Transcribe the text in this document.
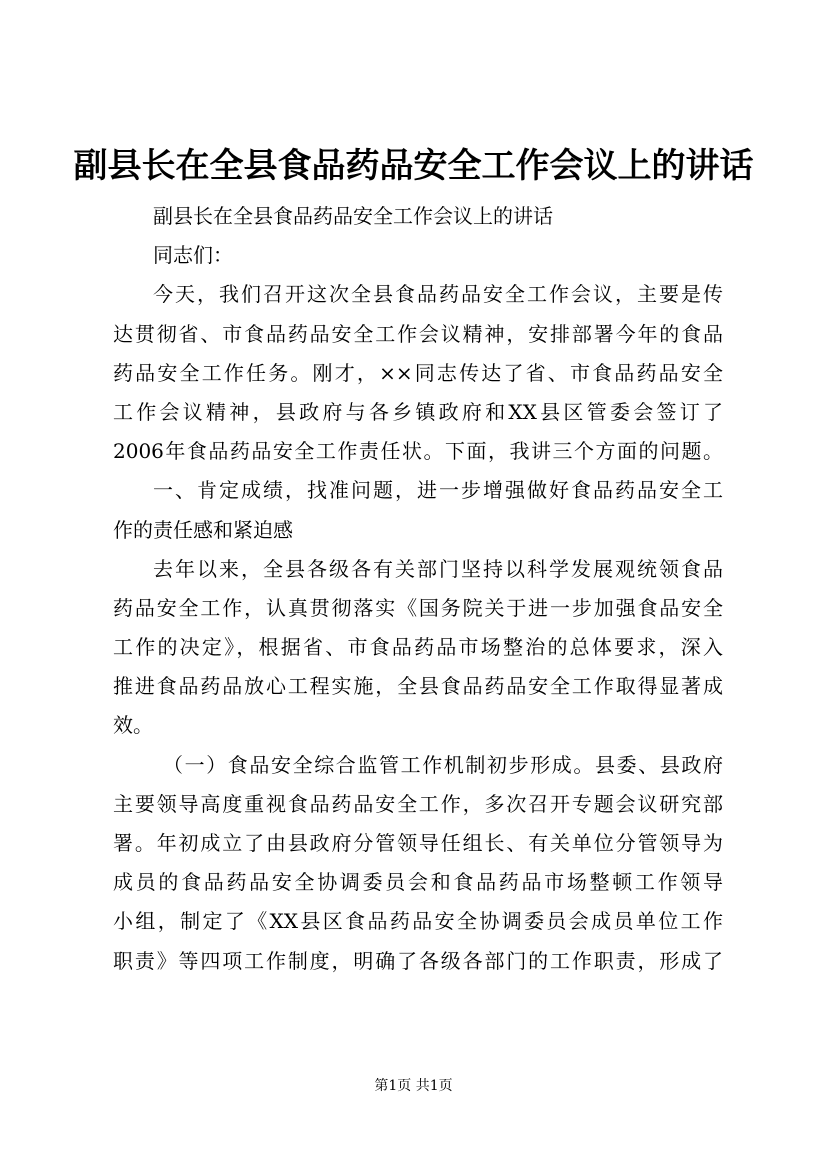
副县长在全县食品药品安全工作会议上的讲话
副县长在全县食品药品安全工作会议上的讲话
同志们：
今天，我们召开这次全县食品药品安全工作会议，主要是传
达贯彻省、市食品药品安全工作会议精神，安排部署今年的食品
药品安全工作任务。刚才，××同志传达了省、市食品药品安全
工作会议精神，县政府与各乡镇政府和XX县区管委会签订了
2006年食品药品安全工作责任状。下面，我讲三个方面的问题。
一、肯定成绩，找准问题，进一步增强做好食品药品安全工
作的责任感和紧迫感
去年以来，全县各级各有关部门坚持以科学发展观统领食品
药品安全工作，认真贯彻落实《国务院关于进一步加强食品安全
工作的决定》，根据省、市食品药品市场整治的总体要求，深入
推进食品药品放心工程实施，全县食品药品安全工作取得显著成
效。
（一）食品安全综合监管工作机制初步形成。县委、县政府
主要领导高度重视食品药品安全工作，多次召开专题会议研究部
署。年初成立了由县政府分管领导任组长、有关单位分管领导为
成员的食品药品安全协调委员会和食品药品市场整顿工作领导
小组，制定了《XX县区食品药品安全协调委员会成员单位工作
职责》等四项工作制度，明确了各级各部门的工作职责，形成了
第1页 共1页
